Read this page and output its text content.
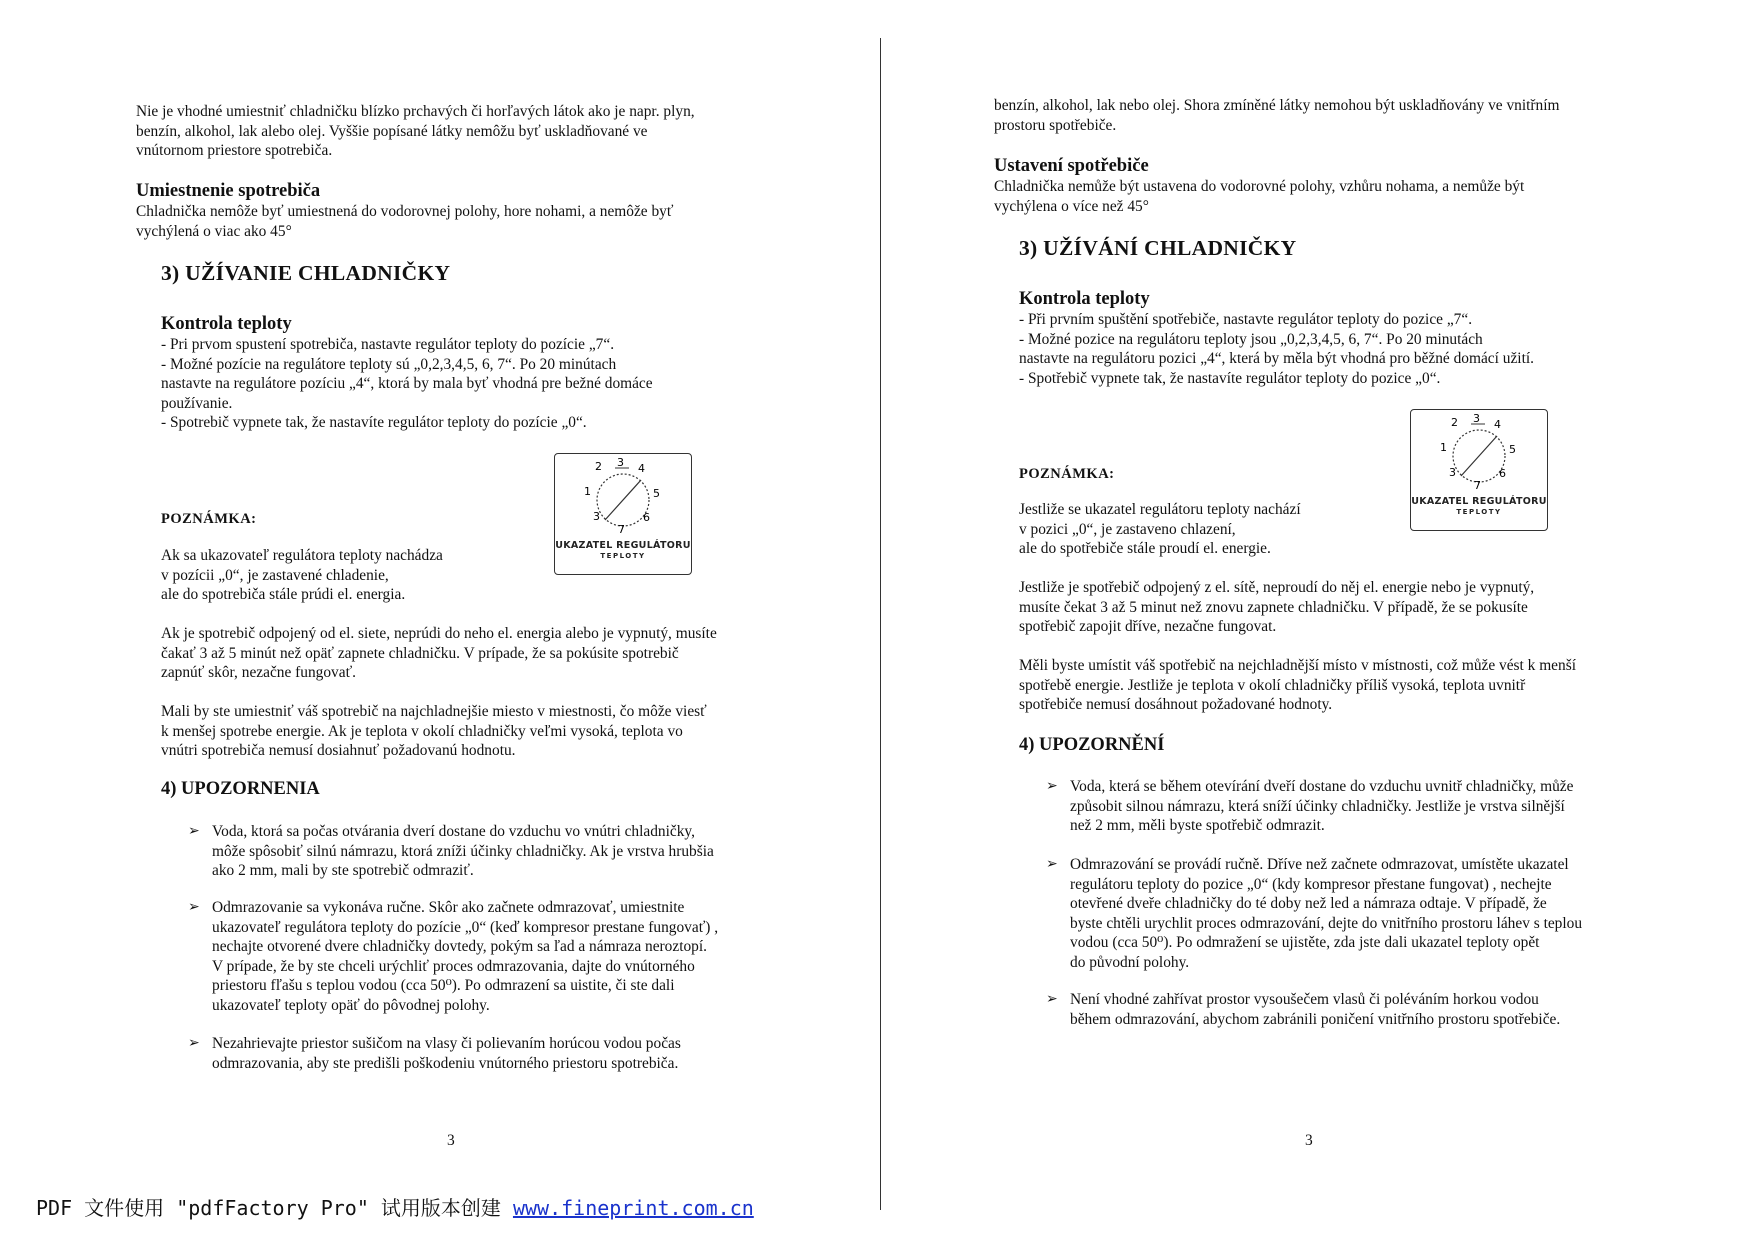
Nie je vhodné umiestniť chladničku blízko prchavých či horľavých látok ako je napr. plyn,

benzín, alkohol, lak alebo olej. Vyššie popísané látky nemôžu byť uskladňované ve

vnútornom priestore spotrebiča.

Umiestnenie spotrebiča

Chladnička nemôže byť umiestnená do vodorovnej polohy, hore nohami, a nemôže byť

vychýlená o viac ako 45°

3) UŽÍVANIE CHLADNIČKY
Kontrola teploty

- Pri prvom spustení spotrebiča, nastavte regulátor teploty do pozície „7“.

- Možné pozície na regulátore teploty sú „0,2,3,4,5, 6, 7“. Po 20 minútach

nastavte na regulátore pozíciu „4“, ktorá by mala byť vhodná pre bežné domáce

používanie.

- Spotrebič vypnete tak, že nastavíte regulátor teploty do pozície „0“.

2 3 4
1	5
3
7
6
UKAZATEL REGULÁTORU
TEPLOTY
POZNÁMKA:

Ak sa ukazovateľ regulátora teploty nachádza

v pozícii „0“, je zastavené chladenie,

ale do spotrebiča stále prúdi el. energia.

Ak je spotrebič odpojený od el. siete, neprúdi do neho el. energia alebo je vypnutý, musíte

čakať 3 až 5 minút než opäť zapnete chladničku. V prípade, že sa pokúsite spotrebič

zapnúť skôr, nezačne fungovať.

Mali by ste umiestniť váš spotrebič na najchladnejšie miesto v miestnosti, čo môže viesť

k menšej spotrebe energie. Ak je teplota v okolí chladničky veľmi vysoká, teplota vo

vnútri spotrebiča nemusí dosiahnuť požadovanú hodnotu.

4) UPOZORNENIA
➢ Voda, ktorá sa počas otvárania dverí dostane do vzduchu vo vnútri chladničky,

môže spôsobiť silnú námrazu, ktorá zníži účinky chladničky. Ak je vrstva hrubšia

ako 2 mm, mali by ste spotrebič odmraziť.

➢ Odmrazovanie sa vykonáva ručne. Skôr ako začnete odmrazovať, umiestnite

ukazovateľ regulátora teploty do pozície „0“ (keď kompresor prestane fungovať) ,

nechajte otvorené dvere chladničky dovtedy, pokým sa ľad a námraza neroztopí.

V prípade, že by ste chceli urýchliť proces odmrazovania, dajte do vnútorného

priestoru fľašu s teplou vodou (cca 50⁰). Po odmrazení sa uistite, či ste dali

ukazovateľ teploty opäť do pôvodnej polohy.

➢ Nezahrievajte priestor sušičom na vlasy či polievaním horúcou vodou počas

odmrazovania, aby ste predišli poškodeniu vnútorného priestoru spotrebiča.

3

benzín, alkohol, lak nebo olej. Shora zmíněné látky nemohou být uskladňovány ve vnitřním

prostoru spotřebiče.

Ustavení spotřebiče

Chladnička nemůže být ustavena do vodorovné polohy, vzhůru nohama, a nemůže být

vychýlena o více než 45°

3) UŽÍVÁNÍ CHLADNIČKY
Kontrola teploty

- Při prvním spuštění spotřebiče, nastavte regulátor teploty do pozice „7“.

- Možné pozice na regulátoru teploty jsou „0,2,3,4,5, 6, 7“. Po 20 minutách

nastavte na regulátoru pozici „4“, která by měla být vhodná pro běžné domácí užití.

- Spotřebič vypnete tak, že nastavíte regulátor teploty do pozice „0“.

2 3 4
1	5
3
7
6
UKAZATEL REGULÁTORU
TEPLOTY
POZNÁMKA:

Jestliže se ukazatel regulátoru teploty nachází

v pozici „0“, je zastaveno chlazení,

ale do spotřebiče stále proudí el. energie.

Jestliže je spotřebič odpojený z el. sítě, neproudí do něj el. energie nebo je vypnutý,

musíte čekat 3 až 5 minut než znovu zapnete chladničku. V případě, že se pokusíte

spotřebič zapojit dříve, nezačne fungovat.

Měli byste umístit váš spotřebič na nejchladnější místo v místnosti, což může vést k menší

spotřebě energie. Jestliže je teplota v okolí chladničky příliš vysoká, teplota uvnitř

spotřebiče nemusí dosáhnout požadované hodnoty.

4) UPOZORNĚNÍ
➢ Voda, která se během otevírání dveří dostane do vzduchu uvnitř chladničky, může

způsobit silnou námrazu, která sníží účinky chladničky. Jestliže je vrstva silnější

než 2 mm, měli byste spotřebič odmrazit.

➢ Odmrazování se provádí ručně. Dříve než začnete odmrazovat, umístěte ukazatel

regulátoru teploty do pozice „0“ (kdy kompresor přestane fungovat) , nechejte

otevřené dveře chladničky do té doby než led a námraza odtaje. V případě, že

byste chtěli urychlit proces odmrazování, dejte do vnitřního prostoru láhev s teplou

vodou (cca 50⁰). Po odmražení se ujistěte, zda jste dali ukazatel teploty opět

do původní polohy.

➢ Není vhodné zahřívat prostor vysoušečem vlasů či poléváním horkou vodou

během odmrazování, abychom zabránili poničení vnitřního prostoru spotřebiče.

3
PDF 文件使用 "pdfFactory Pro" 试用版本创建 www.fineprint.com.cn
